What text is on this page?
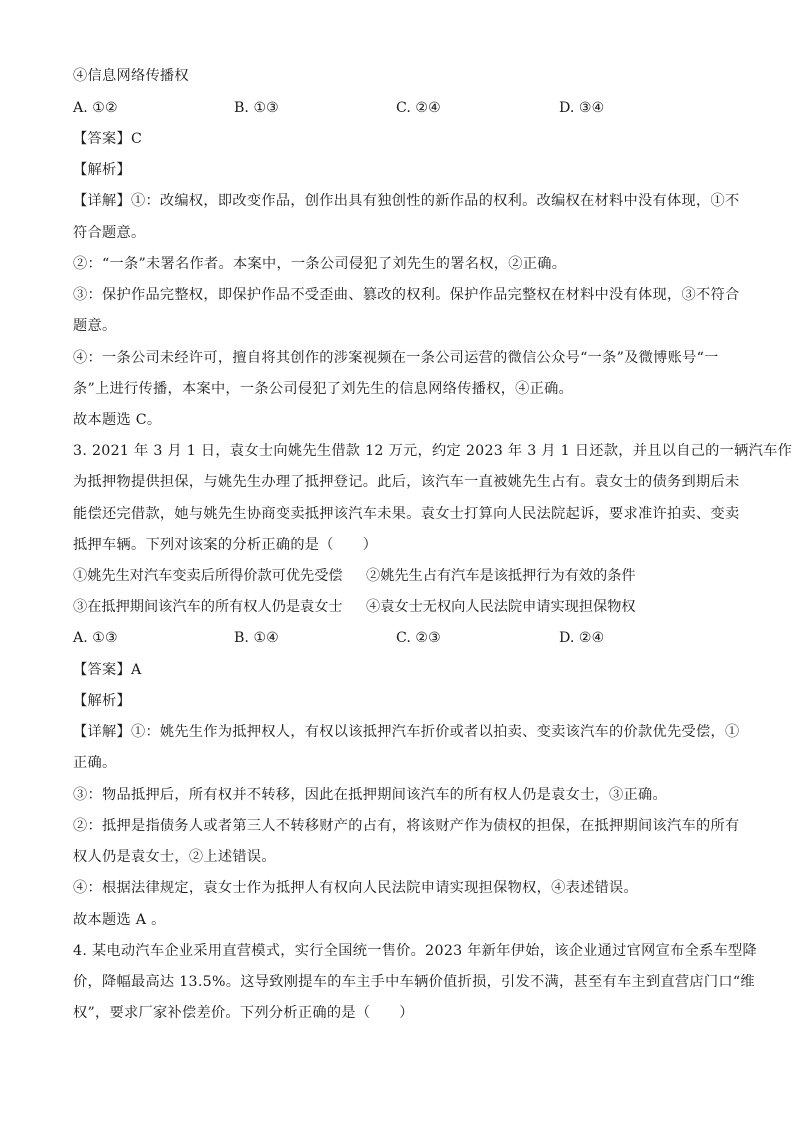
④信息网络传播权
A. ①②	B. ①③	C. ②④	D. ③④
【答案】C
【解析】
【详解】①：改编权，即改变作品，创作出具有独创性的新作品的权利。改编权在材料中没有体现，①不
符合题意。
②：“一条”未署名作者。本案中，一条公司侵犯了刘先生的署名权，②正确。
③：保护作品完整权，即保护作品不受歪曲、篡改的权利。保护作品完整权在材料中没有体现，③不符合
题意。
④：一条公司未经许可，擅自将其创作的涉案视频在一条公司运营的微信公众号“一条”及微博账号“一
条”上进行传播，本案中，一条公司侵犯了刘先生的信息网络传播权，④正确。
故本题选 C。
3. 2021 年 3 月 1 日，袁女士向姚先生借款 12 万元，约定 2023 年 3 月 1 日还款，并且以自己的一辆汽车作
为抵押物提供担保，与姚先生办理了抵押登记。此后，该汽车一直被姚先生占有。袁女士的债务到期后未
能偿还完借款，她与姚先生协商变卖抵押该汽车未果。袁女士打算向人民法院起诉，要求准许拍卖、变卖
抵押车辆。下列对该案的分析正确的是（　　）
①姚先生对汽车变卖后所得价款可优先受偿 ②姚先生占有汽车是该抵押行为有效的条件
③在抵押期间该汽车的所有权人仍是袁女士 ④袁女士无权向人民法院申请实现担保物权
A. ①③	B. ①④	C. ②③	D. ②④
【答案】A
【解析】
【详解】①：姚先生作为抵押权人，有权以该抵押汽车折价或者以拍卖、变卖该汽车的价款优先受偿，①
正确。
③：物品抵押后，所有权并不转移，因此在抵押期间该汽车的所有权人仍是袁女士，③正确。
②：抵押是指债务人或者第三人不转移财产的占有，将该财产作为债权的担保，在抵押期间该汽车的所有
权人仍是袁女士，②上述错误。
④：根据法律规定，袁女士作为抵押人有权向人民法院申请实现担保物权，④表述错误。
故本题选 A 。
4. 某电动汽车企业采用直营模式，实行全国统一售价。2023 年新年伊始，该企业通过官网宣布全系车型降
价，降幅最高达 13.5%。这导致刚提车的车主手中车辆价值折损，引发不满，甚至有车主到直营店门口“维
权”，要求厂家补偿差价。下列分析正确的是（　　）
